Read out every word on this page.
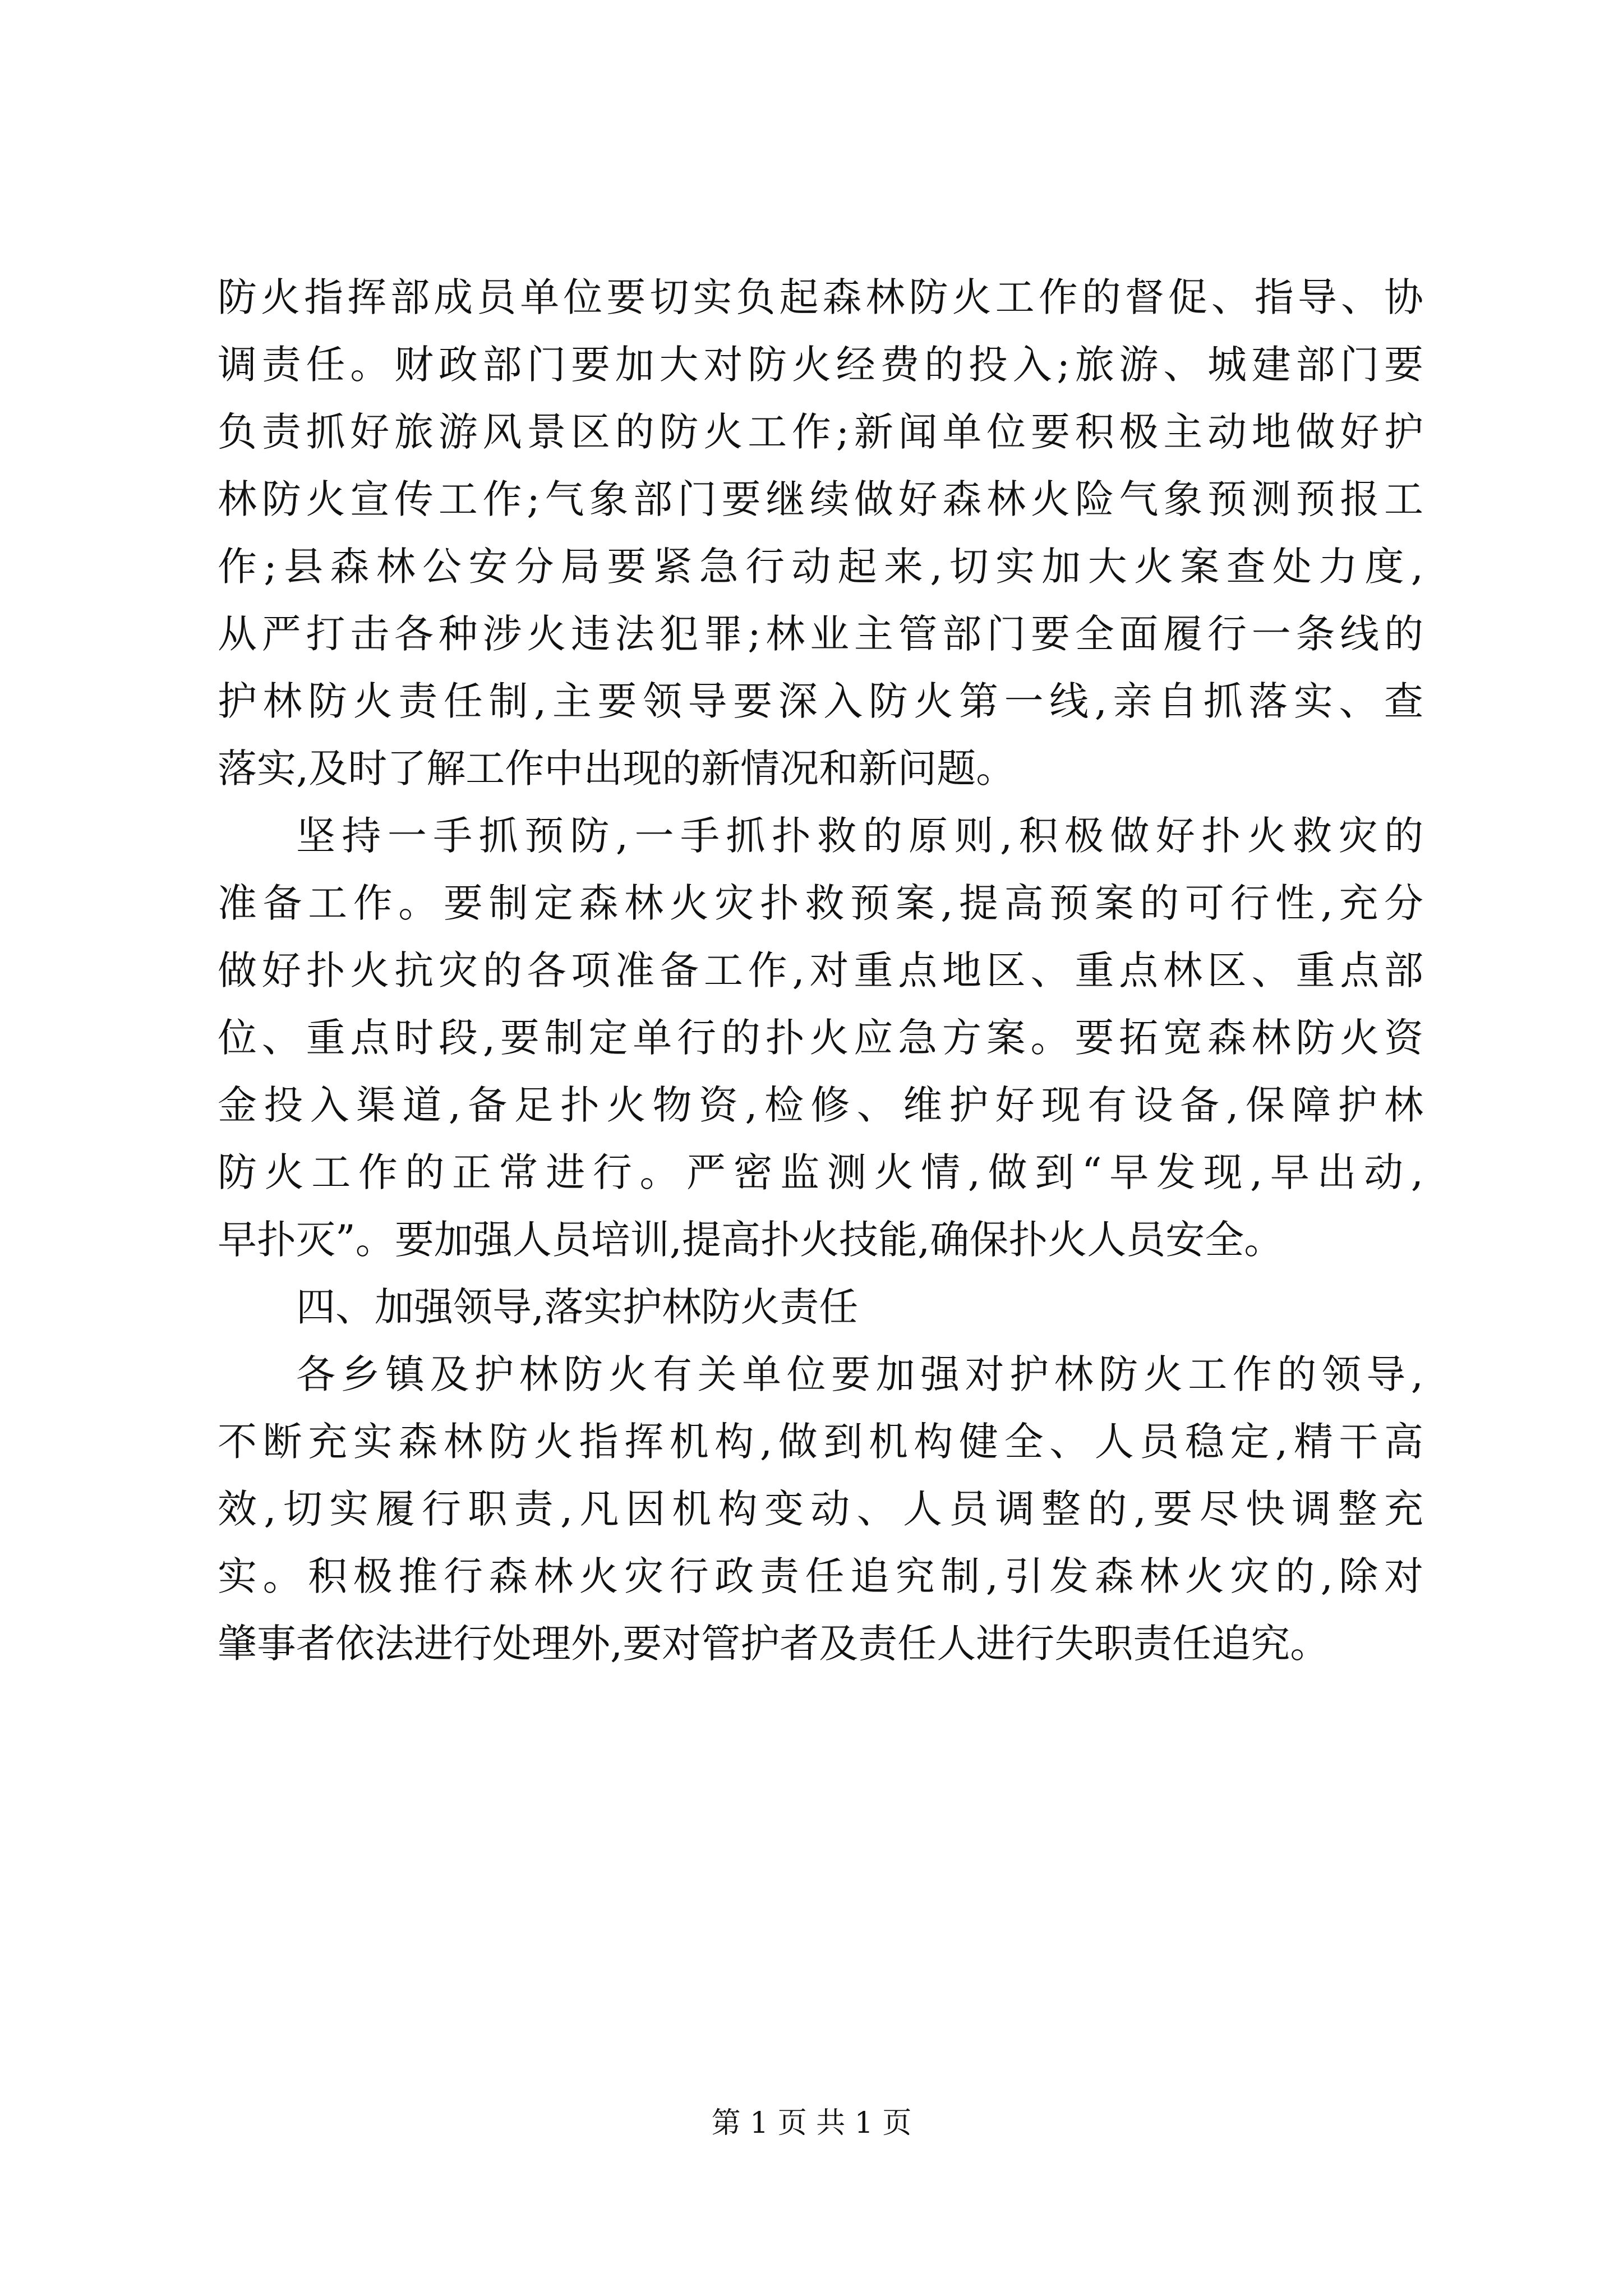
防火指挥部成员单位要切实负起森林防火工作的督促、指导、协
调责任。财政部门要加大对防火经费的投入;旅游、城建部门要
负责抓好旅游风景区的防火工作;新闻单位要积极主动地做好护
林防火宣传工作;气象部门要继续做好森林火险气象预测预报工
作;县森林公安分局要紧急行动起来,切实加大火案查处力度,
从严打击各种涉火违法犯罪;林业主管部门要全面履行一条线的
护林防火责任制,主要领导要深入防火第一线,亲自抓落实、查
落实,及时了解工作中出现的新情况和新问题。
坚持一手抓预防,一手抓扑救的原则,积极做好扑火救灾的
准备工作。要制定森林火灾扑救预案,提高预案的可行性,充分
做好扑火抗灾的各项准备工作,对重点地区、重点林区、重点部
位、重点时段,要制定单行的扑火应急方案。要拓宽森林防火资
金投入渠道,备足扑火物资,检修、维护好现有设备,保障护林
防火工作的正常进行。严密监测火情,做到“早发现,早出动,
早扑灭”。要加强人员培训,提高扑火技能,确保扑火人员安全。
四、加强领导,落实护林防火责任
各乡镇及护林防火有关单位要加强对护林防火工作的领导,
不断充实森林防火指挥机构,做到机构健全、人员稳定,精干高
效,切实履行职责,凡因机构变动、人员调整的,要尽快调整充
实。积极推行森林火灾行政责任追究制,引发森林火灾的,除对
肇事者依法进行处理外,要对管护者及责任人进行失职责任追究。
第 1 页 共 1 页
